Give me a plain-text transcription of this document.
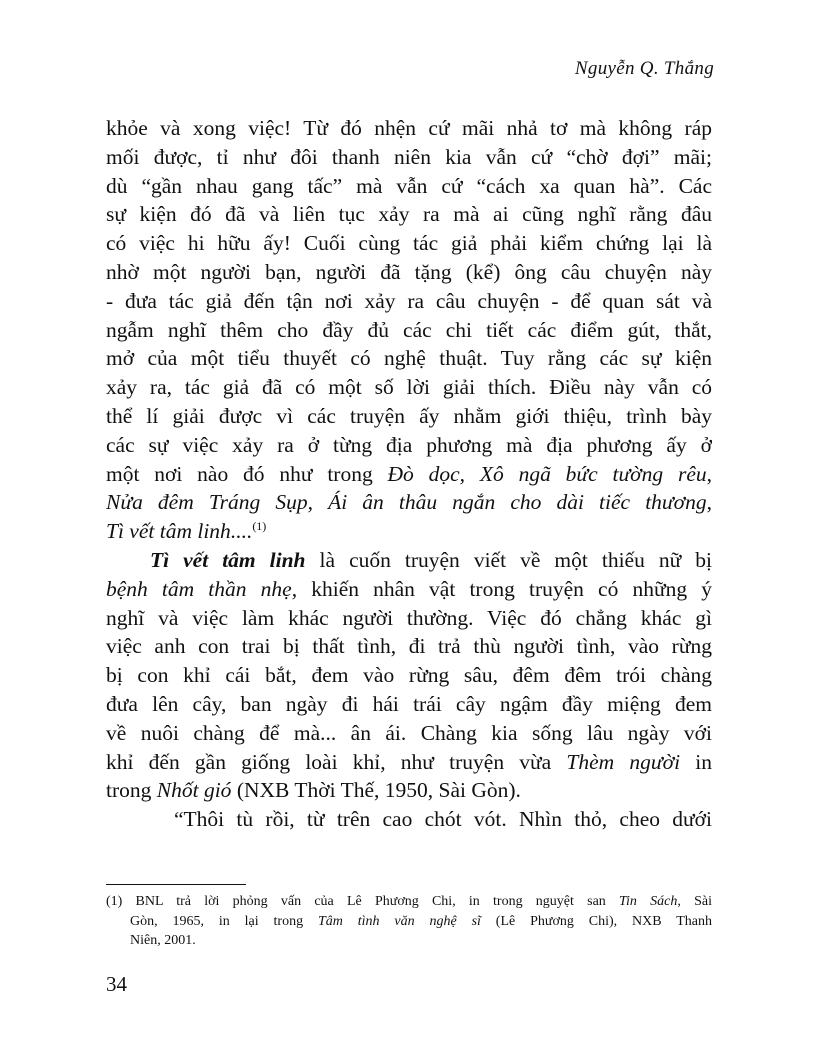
Nguyễn Q. Thắng
khỏe và xong việc! Từ đó nhện cứ mãi nhả tơ mà không ráp
mối được, tỉ như đôi thanh niên kia vẫn cứ “chờ đợi” mãi;
dù “gần nhau gang tấc” mà vẫn cứ “cách xa quan hà”. Các
sự kiện đó đã và liên tục xảy ra mà ai cũng nghĩ rằng đâu
có việc hi hữu ấy! Cuối cùng tác giả phải kiểm chứng lại là
nhờ một người bạn, người đã tặng (kể) ông câu chuyện này
- đưa tác giả đến tận nơi xảy ra câu chuyện - để quan sát và
ngẫm nghĩ thêm cho đầy đủ các chi tiết các điểm gút, thắt,
mở của một tiểu thuyết có nghệ thuật. Tuy rằng các sự kiện
xảy ra, tác giả đã có một số lời giải thích. Điều này vẫn có
thể lí giải được vì các truyện ấy nhằm giới thiệu, trình bày
các sự việc xảy ra ở từng địa phương mà địa phương ấy ở
một nơi nào đó như trong Đò dọc, Xô ngã bức tường rêu,
Nửa đêm Tráng Sụp, Ái ân thâu ngắn cho dài tiếc thương,
Tì vết tâm linh....$^{(1)}$
Tì vết tâm linh là cuốn truyện viết về một thiếu nữ bị
bệnh tâm thần nhẹ, khiến nhân vật trong truyện có những ý
nghĩ và việc làm khác người thường. Việc đó chẳng khác gì
việc anh con trai bị thất tình, đi trả thù người tình, vào rừng
bị con khỉ cái bắt, đem vào rừng sâu, đêm đêm trói chàng
đưa lên cây, ban ngày đi hái trái cây ngậm đầy miệng đem
về nuôi chàng để mà... ân ái. Chàng kia sống lâu ngày với
khỉ đến gần giống loài khỉ, như truyện vừa Thèm người in
trong Nhốt gió (NXB Thời Thế, 1950, Sài Gòn).
“Thôi tù rồi, từ trên cao chót vót. Nhìn thỏ, cheo dưới
(1) BNL trả lời phỏng vấn của Lê Phương Chi, in trong nguyệt san Tin Sách, Sài
Gòn, 1965, in lại trong Tâm tình văn nghệ sĩ (Lê Phương Chi), NXB Thanh
Niên, 2001.
34
